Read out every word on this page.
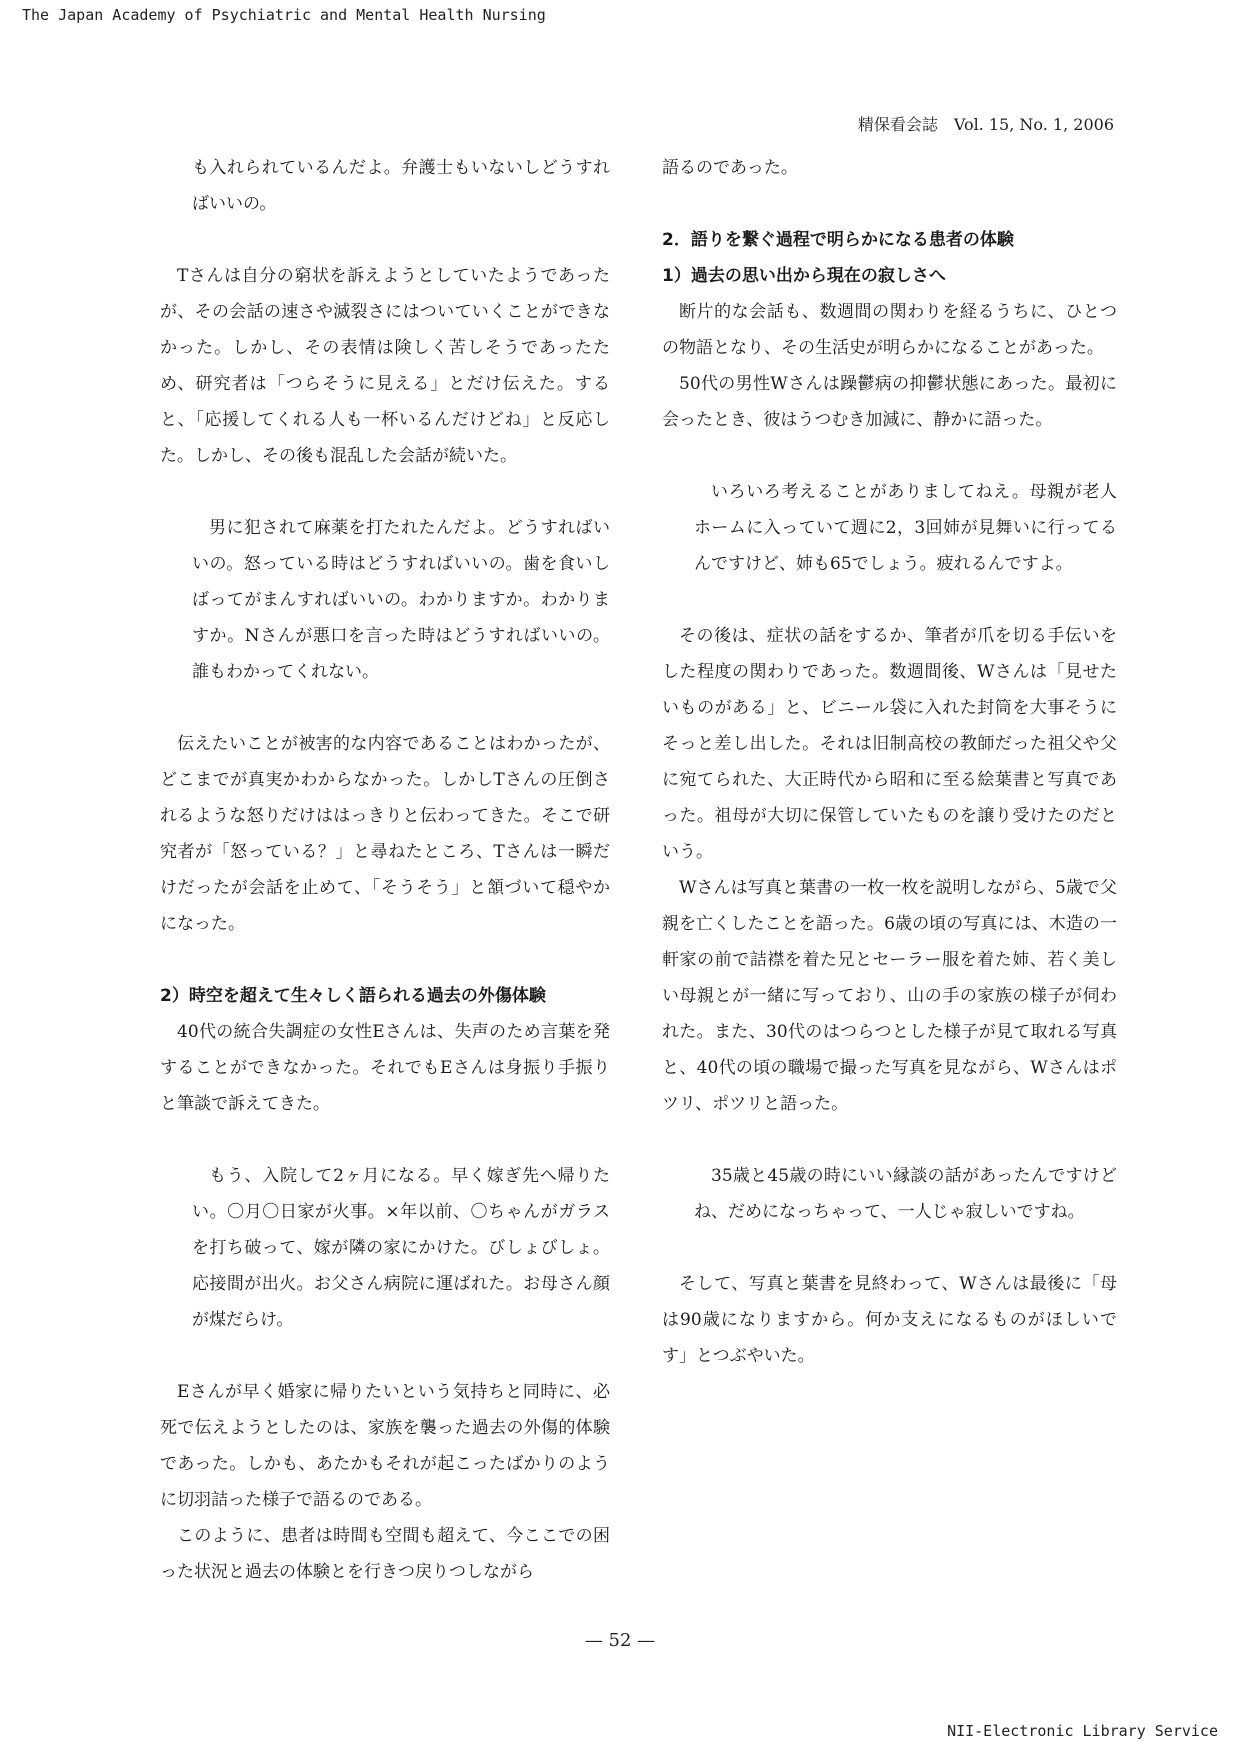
The Japan Academy of Psychiatric and Mental Health Nursing
精保看会誌　Vol. 15, No. 1, 2006

も入れられているんだよ。弁護士もいないしどうすればいいの。

Tさんは自分の窮状を訴えようとしていたようであったが、その会話の速さや滅裂さにはついていくことができなかった。しかし、その表情は険しく苦しそうであったため、研究者は「つらそうに見える」とだけ伝えた。すると、「応援してくれる人も一杯いるんだけどね」と反応した。しかし、その後も混乱した会話が続いた。

男に犯されて麻薬を打たれたんだよ。どうすればいいの。怒っている時はどうすればいいの。歯を食いしばってがまんすればいいの。わかりますか。わかりますか。Nさんが悪口を言った時はどうすればいいの。誰もわかってくれない。

伝えたいことが被害的な内容であることはわかったが、どこまでが真実かわからなかった。しかしTさんの圧倒されるような怒りだけははっきりと伝わってきた。そこで研究者が「怒っている？」と尋ねたところ、Tさんは一瞬だけだったが会話を止めて、「そうそう」と頷づいて穏やかになった。

2）時空を超えて生々しく語られる過去の外傷体験

40代の統合失調症の女性Eさんは、失声のため言葉を発することができなかった。それでもEさんは身振り手振りと筆談で訴えてきた。

もう、入院して2ヶ月になる。早く嫁ぎ先へ帰りたい。〇月〇日家が火事。×年以前、〇ちゃんがガラスを打ち破って、嫁が隣の家にかけた。びしょびしょ。応接間が出火。お父さん病院に運ばれた。お母さん顔が煤だらけ。

Eさんが早く婚家に帰りたいという気持ちと同時に、必死で伝えようとしたのは、家族を襲った過去の外傷的体験であった。しかも、あたかもそれが起こったばかりのように切羽詰った様子で語るのである。

このように、患者は時間も空間も超えて、今ここでの困った状況と過去の体験とを行きつ戻りつしながら

語るのであった。

2．語りを繋ぐ過程で明らかになる患者の体験
1）過去の思い出から現在の寂しさへ

断片的な会話も、数週間の関わりを経るうちに、ひとつの物語となり、その生活史が明らかになることがあった。

50代の男性Wさんは躁鬱病の抑鬱状態にあった。最初に会ったとき、彼はうつむき加減に、静かに語った。

いろいろ考えることがありましてねえ。母親が老人ホームに入っていて週に2，3回姉が見舞いに行ってるんですけど、姉も65でしょう。疲れるんですよ。

その後は、症状の話をするか、筆者が爪を切る手伝いをした程度の関わりであった。数週間後、Wさんは「見せたいものがある」と、ビニール袋に入れた封筒を大事そうにそっと差し出した。それは旧制高校の教師だった祖父や父に宛てられた、大正時代から昭和に至る絵葉書と写真であった。祖母が大切に保管していたものを譲り受けたのだという。

Wさんは写真と葉書の一枚一枚を説明しながら、5歳で父親を亡くしたことを語った。6歳の頃の写真には、木造の一軒家の前で詰襟を着た兄とセーラー服を着た姉、若く美しい母親とが一緒に写っており、山の手の家族の様子が伺われた。また、30代のはつらつとした様子が見て取れる写真と、40代の頃の職場で撮った写真を見ながら、Wさんはポツリ、ポツリと語った。

35歳と45歳の時にいい縁談の話があったんですけどね、だめになっちゃって、一人じゃ寂しいですね。

そして、写真と葉書を見終わって、Wさんは最後に「母は90歳になりますから。何か支えになるものがほしいです」とつぶやいた。

— 52 —
NII-Electronic Library Service
